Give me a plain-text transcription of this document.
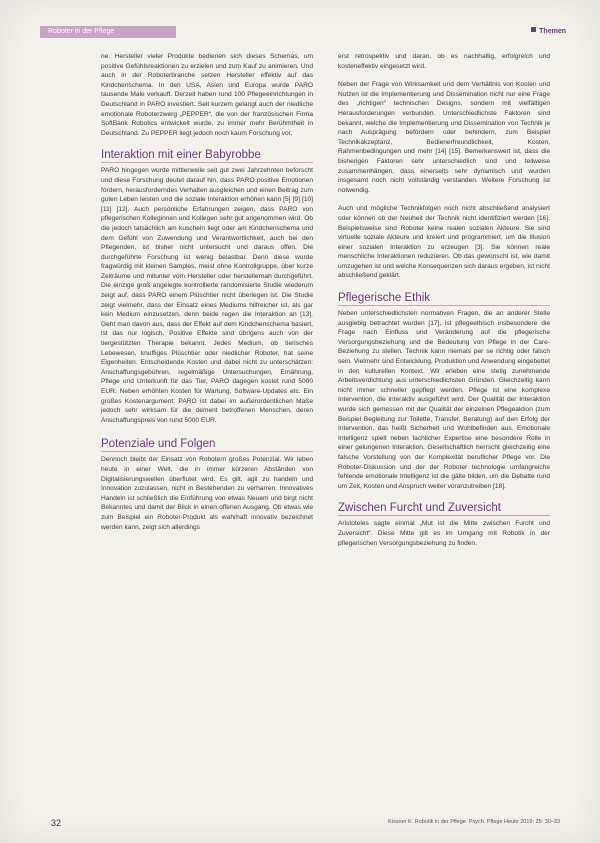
Roboter in der Pflege	Themen

ne. Hersteller vieler Produkte bedienen sich dieses Schemas, um positive Gefühlsreaktionen zu erzielen und zum Kauf zu animieren. Und auch in der Roboterbranche setzen Hersteller effektiv auf das Kindchenschema. In den USA, Asien und Europa wurde PARO tausende Male verkauft. Derzeit haben rund 100 Pflegeeinrichtungen in Deutschland in PARO investiert. Seit kurzem gelangt auch der niedliche emotionale Roboterzwerg „PEPPER“, die von der französischen Firma SoftBank Robotics entwickelt wurde, zu immer mehr Berühmtheit in Deutschland. Zu PEPPER liegt jedoch noch kaum Forschung vor.

Interaktion mit einer Babyrobbe

PARO hingegen wurde mittlerweile seit gut zwei Jahrzehnten beforscht und diese Forschung deutet darauf hin, dass PARO positive Emotionen fördern, herausforderndes Verhalten ausgleichen und einen Beitrag zum guten Leben leisten und die soziale Interaktion erhöhen kann [5] [9] [10] [11] [12]. Auch persönliche Erfahrungen zeigen, dass PARO von pflegerischen Kolleginnen und Kollegen sehr gut angenommen wird. Ob die jedoch tatsächlich am kuscheln liegt oder am Kindchenschema und dem Gefühl von Zuwendung und Verantwortlichkeit, auch bei den Pflegenden, ist bisher nicht untersucht und daraus offen. Die durchgeführte Forschung ist wenig belastbar. Denn diese wurde fragwürdig mit kleinen Samples, meist ohne Kontrollgruppe, über kurze Zeiträume und mitunter vom Hersteller oder herstellernah durchgeführt. Die einzige groß angelegte kontrollierte randomisierte Studie wiederum zeigt auf, dass PARO einem Plüschtier nicht überlegen ist. Die Studie zeigt vielmehr, dass der Einsatz eines Mediums hilfreicher ist, als gar kein Medium einzusetzen, denn beide regen die Interaktion an [13]. Geht man davon aus, dass der Effekt auf dem Kindchenschema basiert, ist das nur logisch. Positive Effekte sind übrigens auch von der tiergestützten Therapie bekannt. Jedes Medium, ob tierisches Lebewesen, knuffiges Plüschtier oder niedlicher Roboter, hat seine Eigenheiten. Entscheidende Kosten und dabei nicht zu unterschätzen: Anschaffungsgebühren, regelmäßige Untersuchungen, Ernährung, Pflege und Unterkunft für das Tier, PARO dagegen kostet rund 5000 EUR. Neben erhöhten Kosten für Wartung, Software-Updates etc. Ein großes Kostenargument: PARO ist dabei im außerordentlichen Maße jedoch sehr wirksam für die dement betroffenen Menschen, deren Anschaffungspreis von rund 5000 EUR.

Potenziale und Folgen

Dennoch bleibt der Einsatz von Robotern großes Potenzial. Wir leben heute in einer Welt, die in immer kürzeren Abständen von Digitalisierungswellen überflutet wird. Es gilt, agil zu handeln und Innovation zuzulassen, nicht in Bestehenden zu verharren. Innovatives Handeln ist schließlich die Einführung von etwas Neuem und birgt nicht Bekanntes und damit der Blick in einen offenen Ausgang. Ob etwas wie zum Beispiel ein Roboter-Produkt als wahrhaft innovativ bezeichnet werden kann, zeigt sich allerdings

erst retrospektiv und daran, ob es nachhaltig, erfolgreich und kosteneffektiv eingesetzt wird.

Neben der Frage von Wirksamkeit und dem Verhältnis von Kosten und Nutzen ist die Implementierung und Dissemination nicht nur eine Frage des „richtigen“ technischen Designs, sondern mit vielfältigen Herausforderungen verbunden. Unterschiedlichste Faktoren sind bekannt, welche die Implementierung und Dissemination von Technik je nach Ausprägung befördern oder behindern, zum Beispiel Technikakzeptanz, Bedienerfreundlichkeit, Kosten, Rahmenbedingungen und mehr [14] [15]. Bemerkenswert ist, dass die bisherigen Faktoren sehr unterschiedlich sind und teilweise zusammenhängen, dass einerseits sehr dynamisch und wurden insgesamt noch nicht vollständig verstanden. Weitere Forschung ist notwendig.

Auch und mögliche Technikfolgen noch nicht abschließend analysiert oder können ob der Neuheit der Technik nicht identifiziert werden [16]. Beispielsweise sind Roboter keine realen sozialen Akteure. Sie sind virtuelle soziale Akteure und kreiert und programmiert, um die Illusion einer sozialen Interaktion zu erzeugen [3]. Sie können reale menschliche Interaktionen reduzieren. Ob das gewünscht ist, wie damit umzugehen ist und welche Konsequenzen sich daraus ergeben, ist nicht abschließend geklärt.

Pflegerische Ethik

Neben unterschiedlichsten normativen Fragen, die an anderer Stelle ausgiebig betrachtet wurden [17], ist pflegeethisch insbesondere die Frage nach Einfluss und Veränderung auf die pflegerische Versorgungsbeziehung und die Bedeutung von Pflege in der Care-Beziehung zu stellen. Technik kann niemals per se richtig oder falsch sein. Vielmehr sind Entwicklung, Produktion und Anwendung eingebettet in den kulturellen Kontext. Wir erleben eine stetig zunehmende Arbeitsverdichtung aus unterschiedlichsten Gründen. Gleichzeitig kann nicht immer schneller gepflegt werden. Pflege ist eine komplexe Intervention, die interaktiv ausgeführt wird. Der Qualität der Interaktion wurde sich gemessen mit der Qualität der einzelnen Pflegeaktion (zum Beispiel Begleitung zur Toilette, Transfer, Beratung) auf den Erfolg der Intervention, das heißt Sicherheit und Wohlbefinden aus. Emotionale Intelligenz spielt neben fachlicher Expertise eine besondere Rolle in einer gelungenen Interaktion. Gesellschaftlich herrscht gleichzeitig eine falsche Vorstellung von der Komplexität beruflicher Pflege vor. Die Roboter-Diskussion und der der Roboter technologie umfangreiche fehlende emotionale Intelligenz ist die gälte bilden, um die Debatte rund um Zeit, Kosten und Anspruch weiter voranzutreiben [18].

Zwischen Furcht und Zuversicht

Aristoteles sagte einmal „Mut ist die Mitte zwischen Furcht und Zuversicht“. Diese Mitte gilt es im Umgang mit Robotik in der pflegerischen Versorgungsbeziehung zu finden.

32	Kissner K. Robotik in der Pflege. Psych. Pflege Heute 2019; 25: 30–33
